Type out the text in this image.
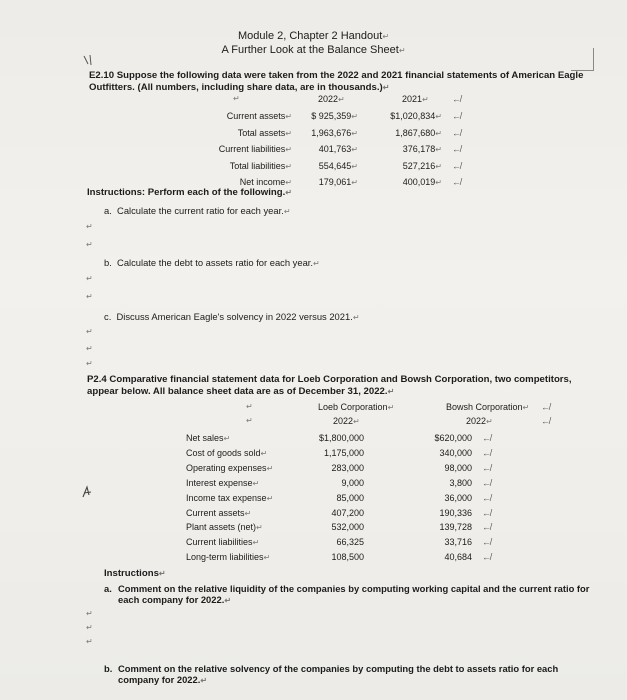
Module 2, Chapter 2 Handout↵
A Further Look at the Balance Sheet↵
E2.10 Suppose the following data were taken from the 2022 and 2021 financial statements of American Eagle
Outfitters. (All numbers, including share data, are in thousands.)↵
↵	2022↵	2021↵	↚
Current assets↵	$ 925,359↵	$1,020,834↵ ↚
Total assets↵	1,963,676↵	1,867,680↵ ↚
Current liabilities↵	401,763↵	376,178↵ ↚
Total liabilities↵	554,645↵	527,216↵ ↚
Net income↵	179,061↵	400,019↵ ↚
Instructions: Perform each of the following.↵
a. Calculate the current ratio for each year.↵
↵
↵
b. Calculate the debt to assets ratio for each year.↵
↵
↵
c. Discuss American Eagle's solvency in 2022 versus 2021.↵
↵
↵
↵
P2.4 Comparative financial statement data for Loeb Corporation and Bowsh Corporation, two competitors,
appear below. All balance sheet data are as of December 31, 2022.↵
↵	Loeb Corporation↵	Bowsh Corporation↵ ↚
↵	2022↵	2022↵	↚
Net sales↵	$1,800,000	$620,000 ↚
Cost of goods sold↵	1,175,000	340,000 ↚
Operating expenses↵	283,000	98,000 ↚
Interest expense↵	9,000	3,800 ↚
Income tax expense↵	85,000	36,000 ↚
Current assets↵	407,200	190,336 ↚
Plant assets (net)↵	532,000	139,728 ↚
Current liabilities↵	66,325	33,716 ↚
Long-term liabilities↵	108,500	40,684 ↚
Instructions↵
a. Comment on the relative liquidity of the companies by computing working capital and the current ratio for
each company for 2022.↵
↵
↵
↵
b. Comment on the relative solvency of the companies by computing the debt to assets ratio for each
company for 2022.↵
